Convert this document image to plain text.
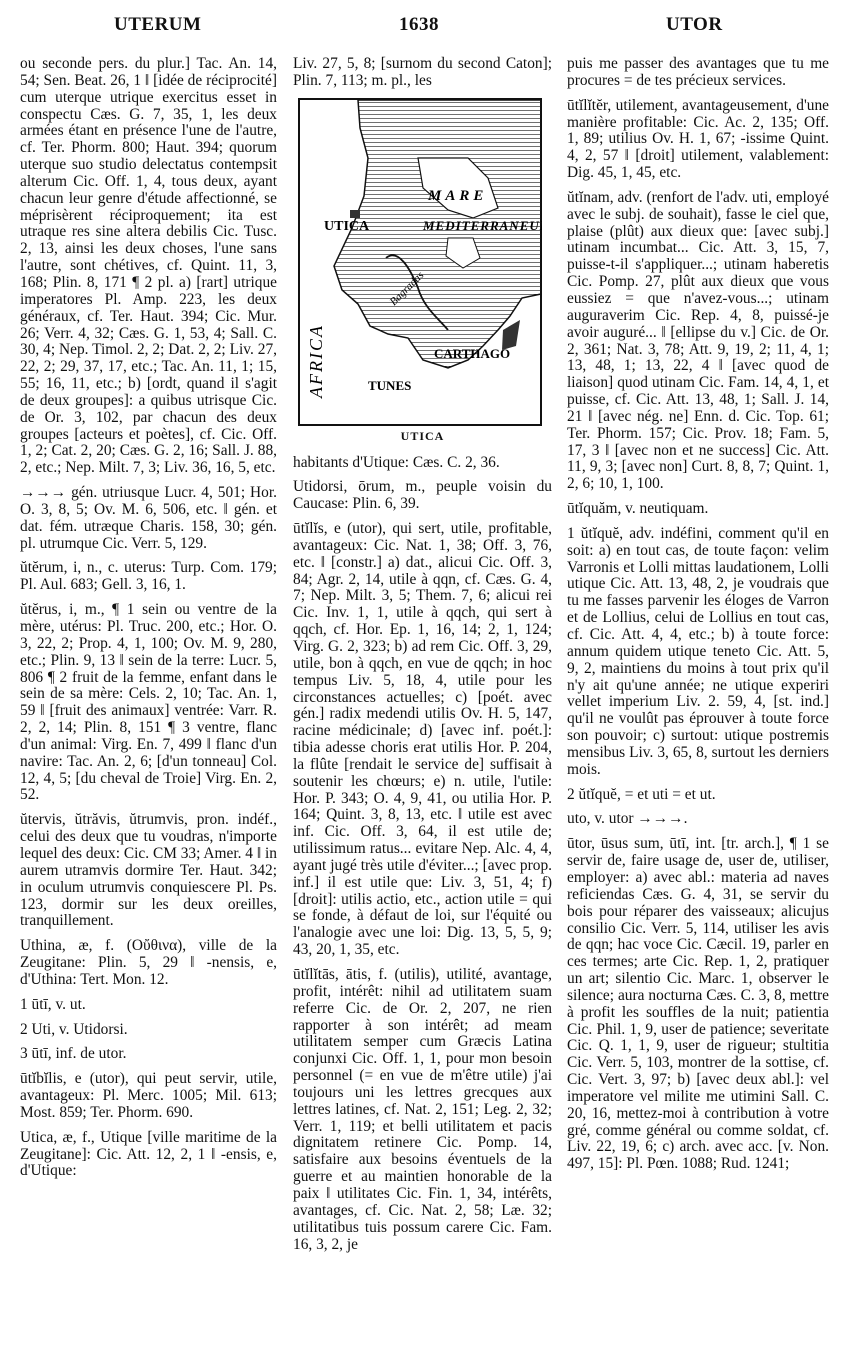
UTERUM	1638	UTOR

ou seconde pers. du plur.] Tac. An. 14, 54; Sen. Beat. 26, 1 ‖ [idée de réciprocité] cum uterque utrique exercitus esset in conspectu Cæs. G. 7, 35, 1, les deux armées étant en présence l'une de l'autre, cf. Ter. Phorm. 800; Haut. 394; quorum uterque suo studio delectatus contempsit alterum Cic. Off. 1, 4, tous deux, ayant chacun leur genre d'étude affectionné, se méprisèrent réciproquement; ita est utraque res sine altera debilis Cic. Tusc. 2, 13, ainsi les deux choses, l'une sans l'autre, sont chétives, cf. Quint. 11, 3, 168; Plin. 8, 171 ¶ 2 pl. a) [rart] utrique imperatores Pl. Amp. 223, les deux généraux, cf. Ter. Haut. 394; Cic. Mur. 26; Verr. 4, 32; Cæs. G. 1, 53, 4; Sall. C. 30, 4; Nep. Timol. 2, 2; Dat. 2, 2; Liv. 27, 22, 2; 29, 37, 17, etc.; Tac. An. 11, 1; 15, 55; 16, 11, etc.; b) [ordt, quand il s'agit de deux groupes]: a quibus utrisque Cic. de Or. 3, 102, par chacun des deux groupes [acteurs et poètes], cf. Cic. Off. 1, 2; Cat. 2, 20; Cæs. G. 2, 16; Sall. J. 88, 2, etc.; Nep. Milt. 7, 3; Liv. 36, 16, 5, etc.

→→→ gén. utriusque Lucr. 4, 501; Hor. O. 3, 8, 5; Ov. M. 6, 506, etc. ‖ gén. et dat. fém. utræque Charis. 158, 30; gén. pl. utrumque Cic. Verr. 5, 129.

ŭtĕrum, i, n., c. uterus: Turp. Com. 179; Pl. Aul. 683; Gell. 3, 16, 1.

ŭtĕrus, i, m., ¶ 1 sein ou ventre de la mère, utérus: Pl. Truc. 200, etc.; Hor. O. 3, 22, 2; Prop. 4, 1, 100; Ov. M. 9, 280, etc.; Plin. 9, 13 ‖ sein de la terre: Lucr. 5, 806 ¶ 2 fruit de la femme, enfant dans le sein de sa mère: Cels. 2, 10; Tac. An. 1, 59 ‖ [fruit des animaux] ventrée: Varr. R. 2, 2, 14; Plin. 8, 151 ¶ 3 ventre, flanc d'un animal: Virg. En. 7, 499 ‖ flanc d'un navire: Tac. An. 2, 6; [d'un tonneau] Col. 12, 4, 5; [du cheval de Troie] Virg. En. 2, 52.

ŭtervis, ŭtrăvis, ŭtrumvis, pron. indéf., celui des deux que tu voudras, n'importe lequel des deux: Cic. CM 33; Amer. 4 ‖ in aurem utramvis dormire Ter. Haut. 342; in oculum utrumvis conquiescere Pl. Ps. 123, dormir sur les deux oreilles, tranquillement.

Uthina, æ, f. (Οὔθινα), ville de la Zeugitane: Plin. 5, 29 ‖ -nensis, e, d'Uthina: Tert. Mon. 12.

1 ūtī, v. ut.

2 Uti, v. Utidorsi.

3 ūtī, inf. de utor.

ūtĭbĭlis, e (utor), qui peut servir, utile, avantageux: Pl. Merc. 1005; Mil. 613; Most. 859; Ter. Phorm. 690.

Utica, æ, f., Utique [ville maritime de la Zeugitane]: Cic. Att. 12, 2, 1 ‖ -ensis, e, d'Utique:

Liv. 27, 5, 8; [surnom du second Caton]; Plin. 7, 113; m. pl., les

MARE
MEDITERRANEUM
AFRICA
UTICA
CARTHAGO
TUNES
Bagradas
UTICA

habitants d'Utique: Cæs. C. 2, 36.

Utidorsi, ōrum, m., peuple voisin du Caucase: Plin. 6, 39.

ūtĭlĭs, e (utor), qui sert, utile, profitable, avantageux: Cic. Nat. 1, 38; Off. 3, 76, etc. ‖ [constr.] a) dat., alicui Cic. Off. 3, 84; Agr. 2, 14, utile à qqn, cf. Cæs. G. 4, 7; Nep. Milt. 3, 5; Them. 7, 6; alicui rei Cic. Inv. 1, 1, utile à qqch, qui sert à qqch, cf. Hor. Ep. 1, 16, 14; 2, 1, 124; Virg. G. 2, 323; b) ad rem Cic. Off. 3, 29, utile, bon à qqch, en vue de qqch; in hoc tempus Liv. 5, 18, 4, utile pour les circonstances actuelles; c) [poét. avec gén.] radix medendi utilis Ov. H. 5, 147, racine médicinale; d) [avec inf. poét.]: tibia adesse choris erat utilis Hor. P. 204, la flûte [rendait le service de] suffisait à soutenir les chœurs; e) n. utile, l'utile: Hor. P. 343; O. 4, 9, 41, ou utilia Hor. P. 164; Quint. 3, 8, 13, etc. ‖ utile est avec inf. Cic. Off. 3, 64, il est utile de; utilissimum ratus... evitare Nep. Alc. 4, 4, ayant jugé très utile d'éviter...; [avec prop. inf.] il est utile que: Liv. 3, 51, 4; f) [droit]: utilis actio, etc., action utile = qui se fonde, à défaut de loi, sur l'équité ou l'analogie avec une loi: Dig. 13, 5, 5, 9; 43, 20, 1, 35, etc.

ūtĭlĭtās, ātis, f. (utilis), utilité, avantage, profit, intérêt: nihil ad utilitatem suam referre Cic. de Or. 2, 207, ne rien rapporter à son intérêt; ad meam utilitatem semper cum Græcis Latina conjunxi Cic. Off. 1, 1, pour mon besoin personnel (= en vue de m'être utile) j'ai toujours uni les lettres grecques aux lettres latines, cf. Nat. 2, 151; Leg. 2, 32; Verr. 1, 119; et belli utilitatem et pacis dignitatem retinere Cic. Pomp. 14, satisfaire aux besoins éventuels de la guerre et au maintien honorable de la paix ‖ utilitates Cic. Fin. 1, 34, intérêts, avantages, cf. Cic. Nat. 2, 58; Læ. 32; utilitatibus tuis possum carere Cic. Fam. 16, 3, 2, je

puis me passer des avantages que tu me procures = de tes précieux services.

ūtĭlĭtĕr, utilement, avantageusement, d'une manière profitable: Cic. Ac. 2, 135; Off. 1, 89; utilius Ov. H. 1, 67; -issime Quint. 4, 2, 57 ‖ [droit] utilement, valablement: Dig. 45, 1, 45, etc.

ŭtĭnam, adv. (renfort de l'adv. uti, employé avec le subj. de souhait), fasse le ciel que, plaise (plût) aux dieux que: [avec subj.] utinam incumbat... Cic. Att. 3, 15, 7, puisse-t-il s'appliquer...; utinam haberetis Cic. Pomp. 27, plût aux dieux que vous eussiez = que n'avez-vous...; utinam auguraverim Cic. Rep. 4, 8, puissé-je avoir auguré... ‖ [ellipse du v.] Cic. de Or. 2, 361; Nat. 3, 78; Att. 9, 19, 2; 11, 4, 1; 13, 48, 1; 13, 22, 4 ‖ [avec quod de liaison] quod utinam Cic. Fam. 14, 4, 1, et puisse, cf. Cic. Att. 13, 48, 1; Sall. J. 14, 21 ‖ [avec nég. ne] Enn. d. Cic. Top. 61; Ter. Phorm. 157; Cic. Prov. 18; Fam. 5, 17, 3 ‖ [avec non et ne success] Cic. Att. 11, 9, 3; [avec non] Curt. 8, 8, 7; Quint. 1, 2, 6; 10, 1, 100.

ūtĭquăm, v. neutiquam.

1 ŭtĭquĕ, adv. indéfini, comment qu'il en soit: a) en tout cas, de toute façon: velim Varronis et Lolli mittas laudationem, Lolli utique Cic. Att. 13, 48, 2, je voudrais que tu me fasses parvenir les éloges de Varron et de Lollius, celui de Lollius en tout cas, cf. Cic. Att. 4, 4, etc.; b) à toute force: annum quidem utique teneto Cic. Att. 5, 9, 2, maintiens du moins à tout prix qu'il n'y ait qu'une année; ne utique experiri vellet imperium Liv. 2. 59, 4, [st. ind.] qu'il ne voulût pas éprouver à toute force son pouvoir; c) surtout: utique postremis mensibus Liv. 3, 65, 8, surtout les derniers mois.

2 ŭtĭquĕ, = et uti = et ut.

uto, v. utor →→→.

ūtor, ūsus sum, ūtī, int. [tr. arch.], ¶ 1 se servir de, faire usage de, user de, utiliser, employer: a) avec abl.: materia ad naves reficiendas Cæs. G. 4, 31, se servir du bois pour réparer des vaisseaux; alicujus consilio Cic. Verr. 5, 114, utiliser les avis de qqn; hac voce Cic. Cæcil. 19, parler en ces termes; arte Cic. Rep. 1, 2, pratiquer un art; silentio Cic. Marc. 1, observer le silence; aura nocturna Cæs. C. 3, 8, mettre à profit les souffles de la nuit; patientia Cic. Phil. 1, 9, user de patience; severitate Cic. Q. 1, 1, 9, user de rigueur; stultitia Cic. Verr. 5, 103, montrer de la sottise, cf. Cic. Vert. 3, 97; b) [avec deux abl.]: vel imperatore vel milite me utimini Sall. C. 20, 16, mettez-moi à contribution à votre gré, comme général ou comme soldat, cf. Liv. 22, 19, 6; c) arch. avec acc. [v. Non. 497, 15]: Pl. Pœn. 1088; Rud. 1241;
